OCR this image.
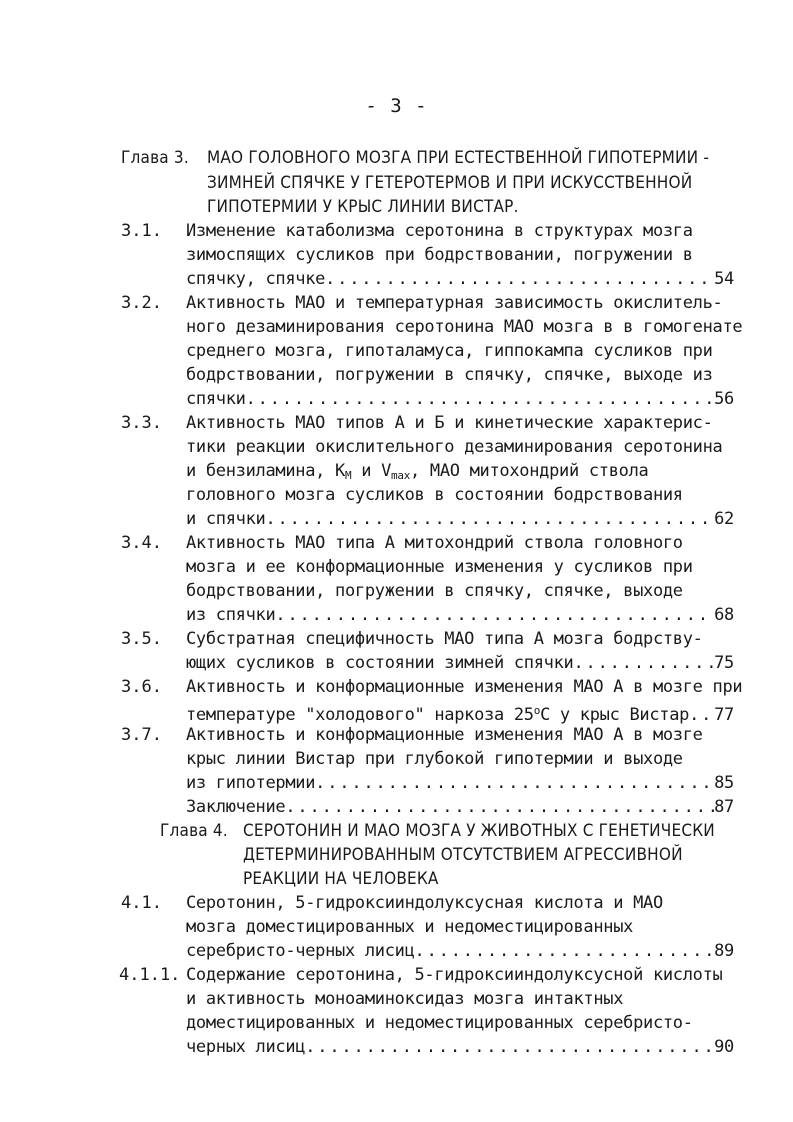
- 3 -
Глава 3. МАО ГОЛОВНОГО МОЗГА ПРИ ЕСТЕСТВЕННОЙ ГИПОТЕРМИИ -
ЗИМНЕЙ СПЯЧКЕ У ГЕТЕРОТЕРМОВ И ПРИ ИСКУССТВЕННОЙ
ГИПОТЕРМИИ У КРЫС ЛИНИИ ВИСТАР.
3.1. Изменение катаболизма серотонина в структурах мозга
зимоспящих сусликов при бодрствовании, погружении в
спячку, спячке . . .	54
3.2. Активность МАО и температурная зависимость окислитель-
ного дезаминирования серотонина МАО мозга в в гомогенате
среднего мозга, гипоталамуса, гиппокампа сусликов при
бодрствовании, погружении в спячку, спячке, выходе из
спячки . . .	56
3.3. Активность МАО типов А и Б и кинетические характерис-
тики реакции окислительного дезаминирования серотонина
и бензиламина, $K_M$ и $V_{max}$, МАО митохондрий ствола
головного мозга сусликов в состоянии бодрствования
и спячки . . .	62
3.4. Активность МАО типа А митохондрий ствола головного
мозга и ее конформационные изменения у сусликов при
бодрствовании, погружении в спячку, спячке, выходе
из спячки . . .	68
3.5. Субстратная специфичность МАО типа А мозга бодрству-
ющих сусликов в состоянии зимней спячки . . .	75
3.6. Активность и конформационные изменения МАО А в мозге при
температуре "холодового" наркоза 25$^o$С у крыс Вистар . . . 77
3.7. Активность и конформационные изменения МАО А в мозге
крыс линии Вистар при глубокой гипотермии и выходе
из гипотермии . . .	85
Заключение . . .	87
Глава 4. СЕРОТОНИН И МАО МОЗГА У ЖИВОТНЫХ С ГЕНЕТИЧЕСКИ
ДЕТЕРМИНИРОВАННЫМ ОТСУТСТВИЕМ АГРЕССИВНОЙ
РЕАКЦИИ НА ЧЕЛОВЕКА
4.1. Серотонин, 5-гидроксииндолуксусная кислота и МАО
мозга доместицированных и недоместицированных
серебристо-черных лисиц . . .	89
4.1.1. Содержание серотонина, 5-гидроксииндолуксусной кислоты
и активность моноаминоксидаз мозга интактных
доместицированных и недоместицированных серебристо-
черных лисиц . . .	90
